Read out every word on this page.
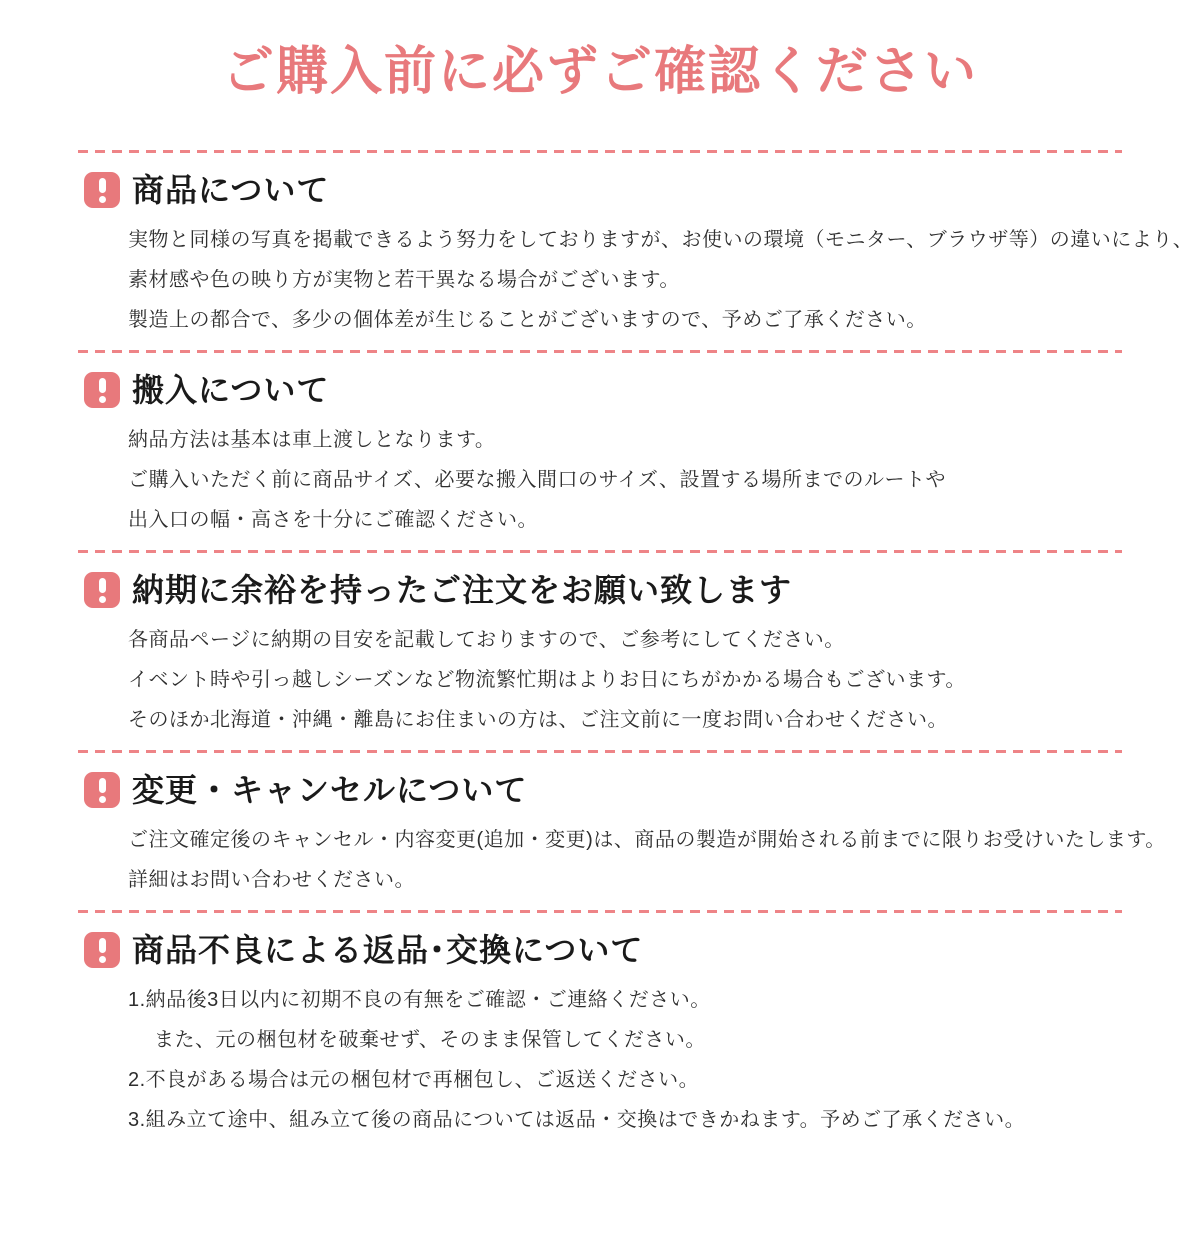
ご購入前に必ずご確認ください
商品について
実物と同様の写真を掲載できるよう努力をしておりますが、お使いの環境（モニター、ブラウザ等）の違いにより、
素材感や色の映り方が実物と若干異なる場合がございます。
製造上の都合で、多少の個体差が生じることがございますので、予めご了承ください。
搬入について
納品方法は基本は車上渡しとなります。
ご購入いただく前に商品サイズ、必要な搬入間口のサイズ、設置する場所までのルートや
出入口の幅・高さを十分にご確認ください。
納期に余裕を持ったご注文をお願い致します
各商品ページに納期の目安を記載しておりますので、ご参考にしてください。
イベント時や引っ越しシーズンなど物流繁忙期はよりお日にちがかかる場合もございます。
そのほか北海道・沖縄・離島にお住まいの方は、ご注文前に一度お問い合わせください。
変更・キャンセルについて
ご注文確定後のキャンセル・内容変更(追加・変更)は、商品の製造が開始される前までに限りお受けいたします。
詳細はお問い合わせください。
商品不良による返品･交換について
1.納品後3日以内に初期不良の有無をご確認・ご連絡ください。
また、元の梱包材を破棄せず、そのまま保管してください。
2.不良がある場合は元の梱包材で再梱包し、ご返送ください。
3.組み立て途中、組み立て後の商品については返品・交換はできかねます。予めご了承ください。
